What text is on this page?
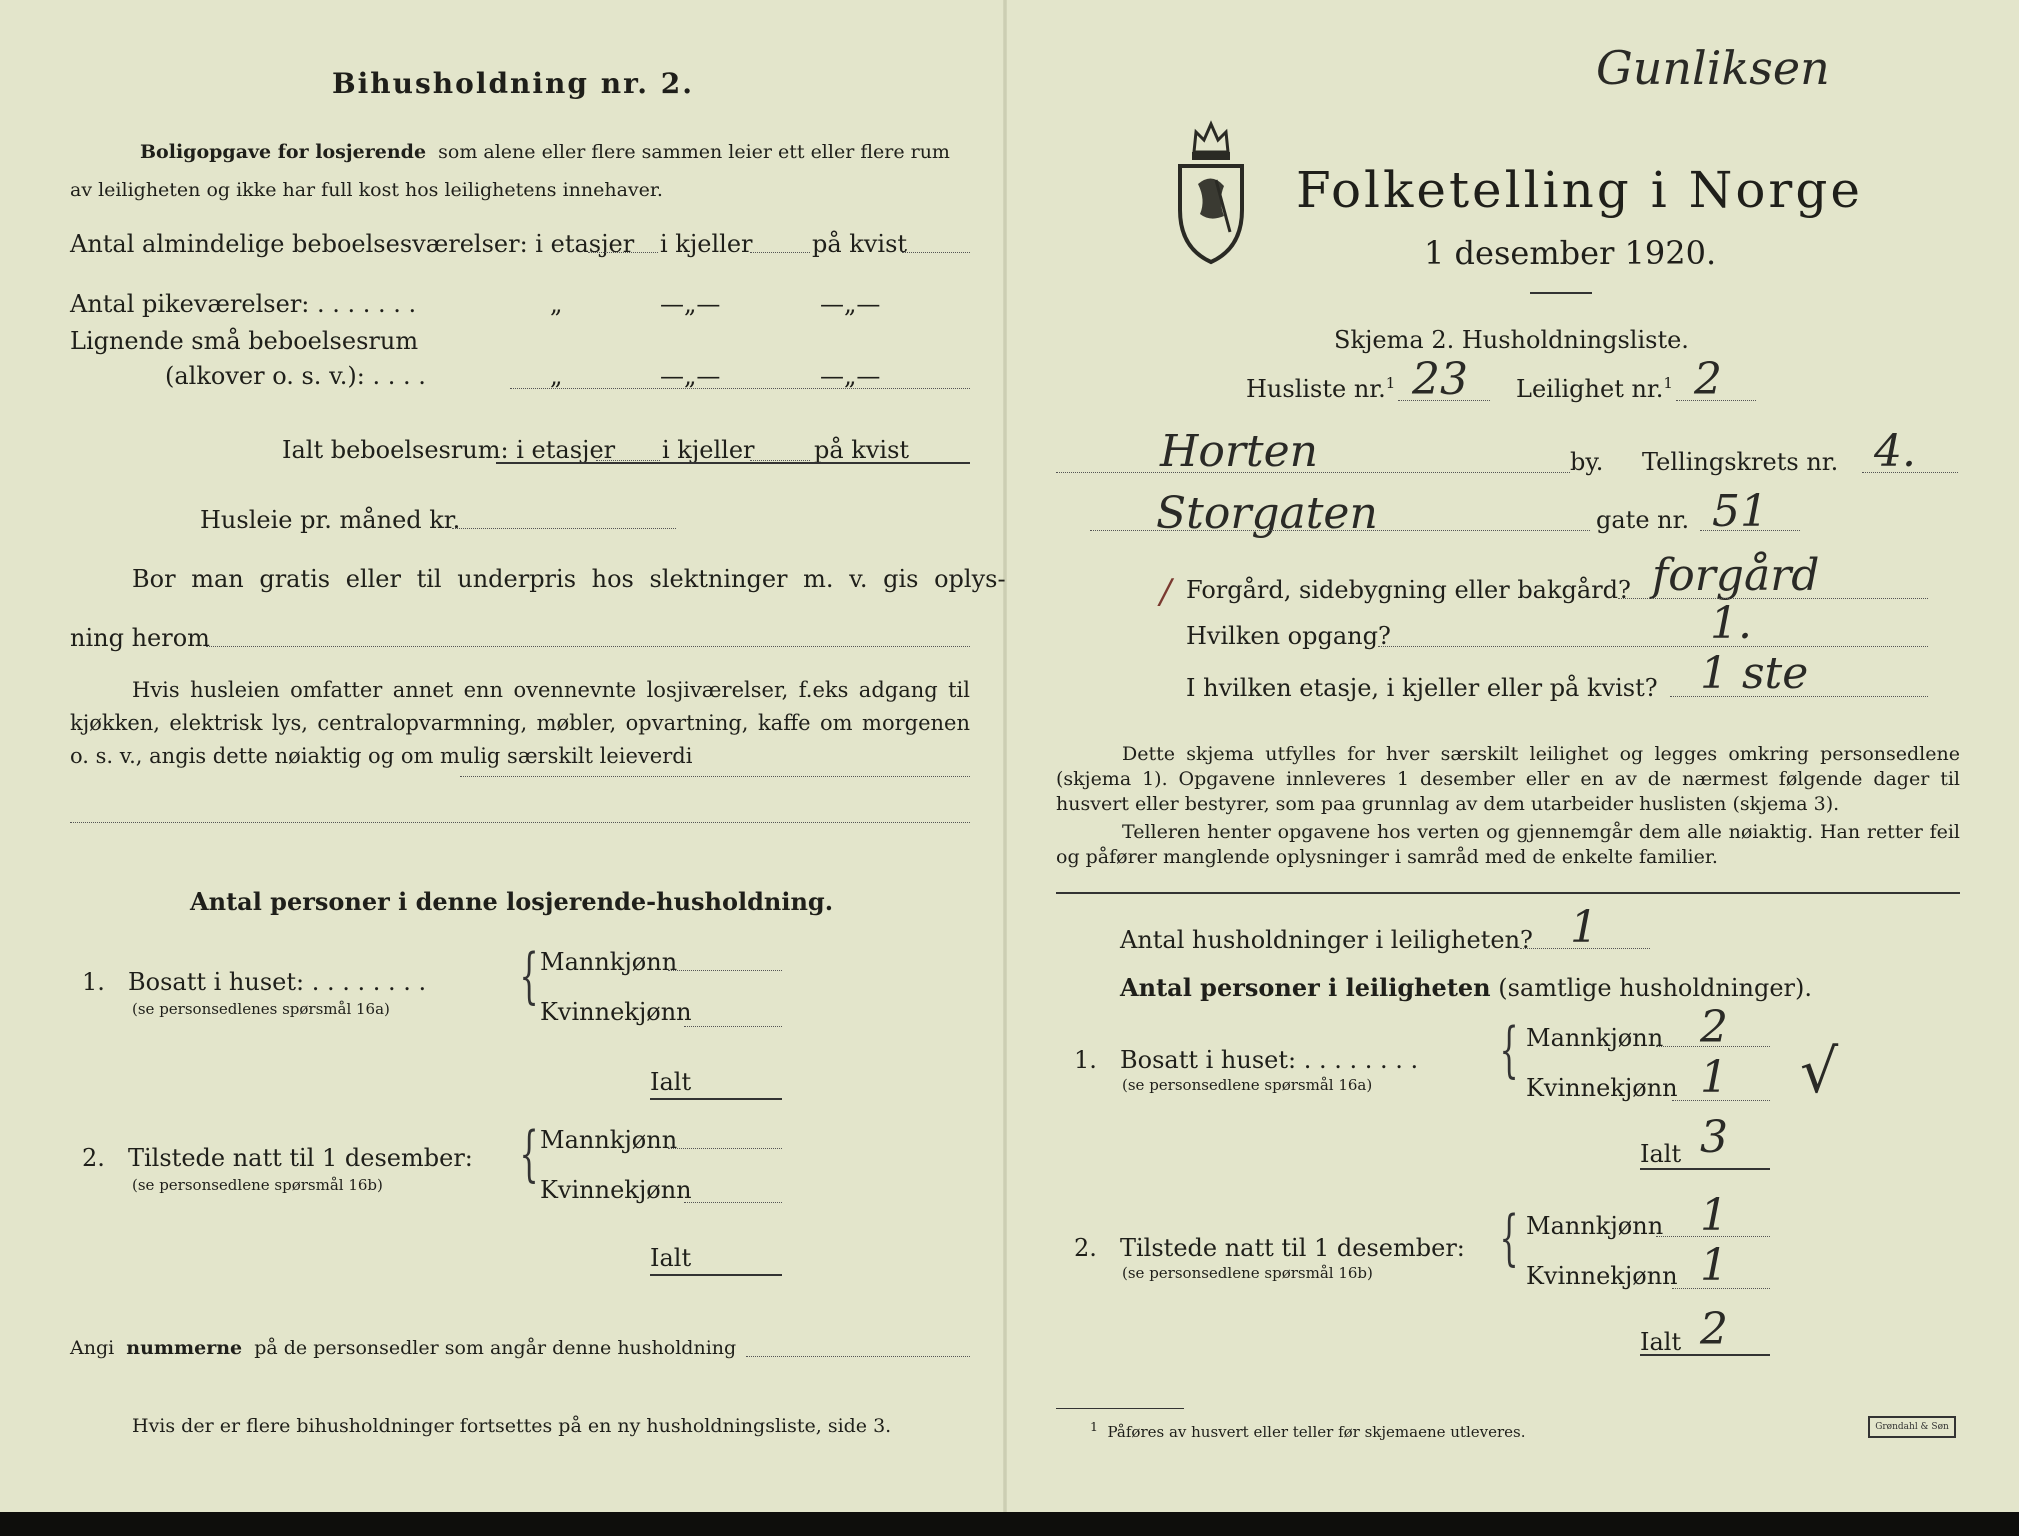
Bihusholdning nr. 2.
Boligopgave for losjerende som alene eller flere sammen leier ett eller flere rum
av leiligheten og ikke har full kost hos leilighetens innehaver.
Antal almindelige beboelsesværelser: i etasjer i kjeller på kvist
Antal pikeværelser: . . . . . . .	„	—„—	—„—
Lignende små beboelsesrum
(alkover o. s. v.): . . . .	„	—„—	—„—
Ialt beboelsesrum: i etasjer i kjeller på kvist
Husleie pr. måned kr.
Bor man gratis eller til underpris hos slektninger m. v. gis oplys-
ning herom
Hvis husleien omfatter annet enn ovennevnte losjiværelser, f.eks adgang til kjøkken, elektrisk lys, centralopvarmning, møbler, opvartning, kaffe om morgenen o. s. v., angis dette nøiaktig og om mulig særskilt leieverdi
Antal personer i denne losjerende-husholdning.
1. Bosatt i huset: . . . . . . . .
(se personsedlenes spørsmål 16a) { Mannkjønn
Kvinnekjønn
Ialt
2. Tilstede natt til 1 desember:
(se personsedlene spørsmål 16b) { Mannkjønn
Kvinnekjønn
Ialt
Angi nummerne på de personsedler som angår denne husholdning
Hvis der er flere bihusholdninger fortsettes på en ny husholdningsliste, side 3.
Gunliksen
Folketelling i Norge
1 desember 1920.
Skjema 2. Husholdningsliste.
Husliste nr.$^1$ 23 Leilighet nr.$^1$ 2
Horten	by. Tellingskrets nr. 4.
Storgaten	gate nr. 51
/ Forgård, sidebygning eller bakgård? forgård
Hvilken opgang?	1.
I hvilken etasje, i kjeller eller på kvist? 1 ste
Dette skjema utfylles for hver særskilt leilighet og legges omkring personsedlene (skjema 1). Opgavene innleveres 1 desember eller en av de nærmest følgende dager til husvert eller bestyrer, som paa grunnlag av dem utarbeider huslisten (skjema 3).
Telleren henter opgavene hos verten og gjennemgår dem alle nøiaktig. Han retter feil og påfører manglende oplysninger i samråd med de enkelte familier.
Antal husholdninger i leiligheten? 1
Antal personer i leiligheten (samtlige husholdninger).
1. Bosatt i huset: . . . . . . . .
(se personsedlene spørsmål 16a) { Mannkjønn 2
Kvinnekjønn 1
Ialt 3
√
2. Tilstede natt til 1 desember:
(se personsedlene spørsmål 16b) { Mannkjønn 1
Kvinnekjønn 1
Ialt 2
$^1$ Påføres av husvert eller teller før skjemaene utleveres.	Grøndahl & Søn
